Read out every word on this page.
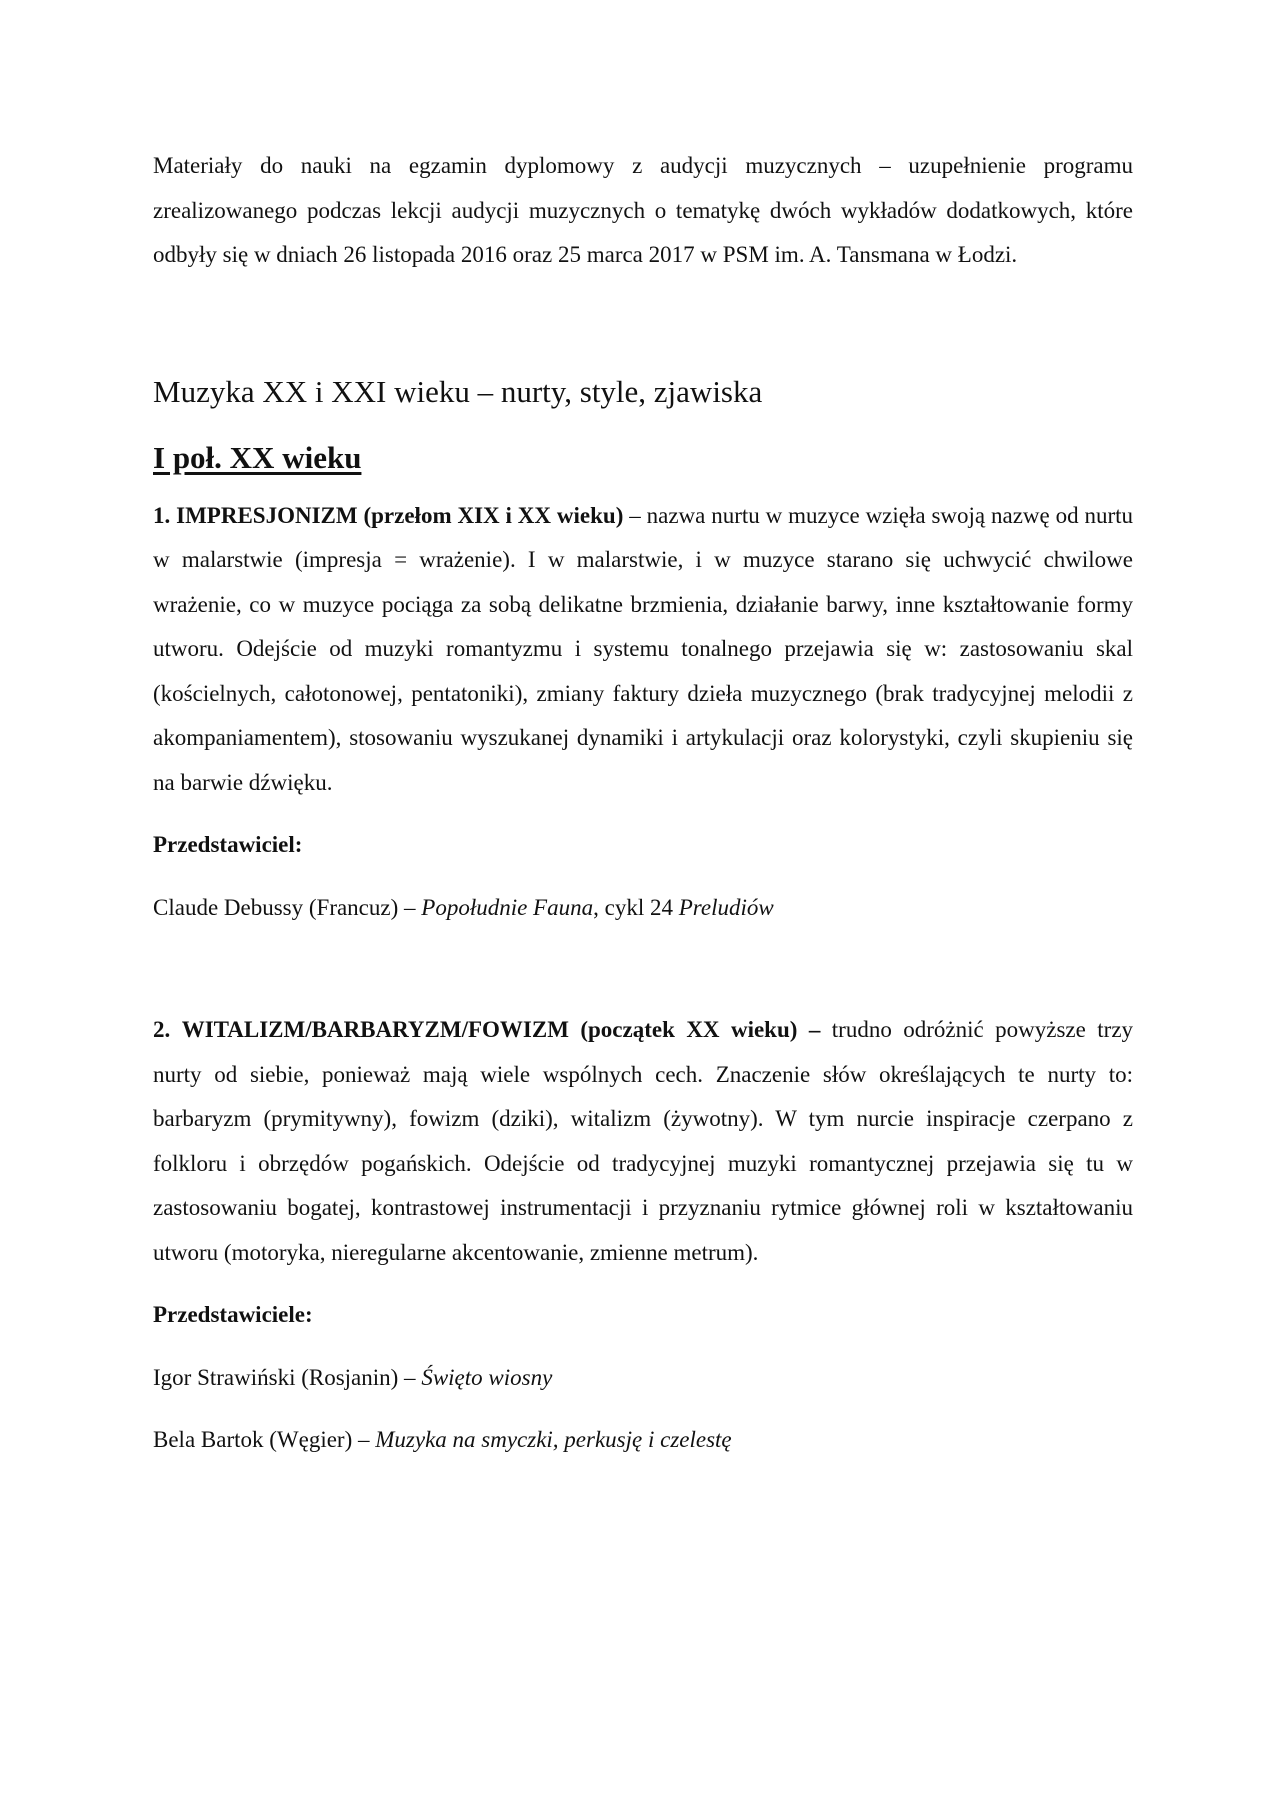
Materiały do nauki na egzamin dyplomowy z audycji muzycznych – uzupełnienie programu zrealizowanego podczas lekcji audycji muzycznych o tematykę dwóch wykładów dodatkowych, które odbyły się w dniach 26 listopada 2016 oraz 25 marca 2017 w PSM im. A. Tansmana w Łodzi.

Muzyka XX i XXI wieku – nurty, style, zjawiska
I poł. XX wieku

1. IMPRESJONIZM (przełom XIX i XX wieku) – nazwa nurtu w muzyce wzięła swoją nazwę od nurtu w malarstwie (impresja = wrażenie). I w malarstwie, i w muzyce starano się uchwycić chwilowe wrażenie, co w muzyce pociąga za sobą delikatne brzmienia, działanie barwy, inne kształtowanie formy utworu. Odejście od muzyki romantyzmu i systemu tonalnego przejawia się w: zastosowaniu skal (kościelnych, całotonowej, pentatoniki), zmiany faktury dzieła muzycznego (brak tradycyjnej melodii z akompaniamentem), stosowaniu wyszukanej dynamiki i artykulacji oraz kolorystyki, czyli skupieniu się na barwie dźwięku.

Przedstawiciel:

Claude Debussy (Francuz) – Popołudnie Fauna, cykl 24 Preludiów

2. WITALIZM/BARBARYZM/FOWIZM (początek XX wieku) – trudno odróżnić powyższe trzy nurty od siebie, ponieważ mają wiele wspólnych cech. Znaczenie słów określających te nurty to: barbaryzm (prymitywny), fowizm (dziki), witalizm (żywotny). W tym nurcie inspiracje czerpano z folkloru i obrzędów pogańskich. Odejście od tradycyjnej muzyki romantycznej przejawia się tu w zastosowaniu bogatej, kontrastowej instrumentacji i przyznaniu rytmice głównej roli w kształtowaniu utworu (motoryka, nieregularne akcentowanie, zmienne metrum).

Przedstawiciele:

Igor Strawiński (Rosjanin) – Święto wiosny

Bela Bartok (Węgier) – Muzyka na smyczki, perkusję i czelestę
